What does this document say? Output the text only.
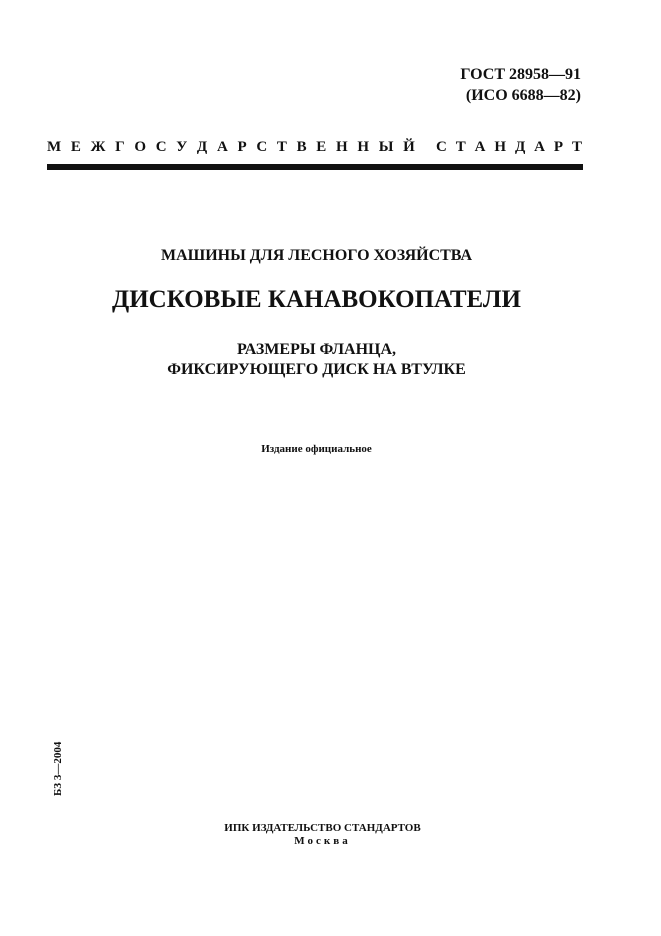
ГОСТ 28958—91
(ИСО 6688—82)
М Е Ж Г О С У Д А Р С Т В Е Н Н Ы Й С Т А Н Д А Р Т
МАШИНЫ ДЛЯ ЛЕСНОГО ХОЗЯЙСТВА
ДИСКОВЫЕ КАНАВОКОПАТЕЛИ
РАЗМЕРЫ ФЛАНЦА,
ФИКСИРУЮЩЕГО ДИСК НА ВТУЛКЕ
Издание официальное
БЗ 3—2004
ИПК ИЗДАТЕЛЬСТВО СТАНДАРТОВ
Москва
